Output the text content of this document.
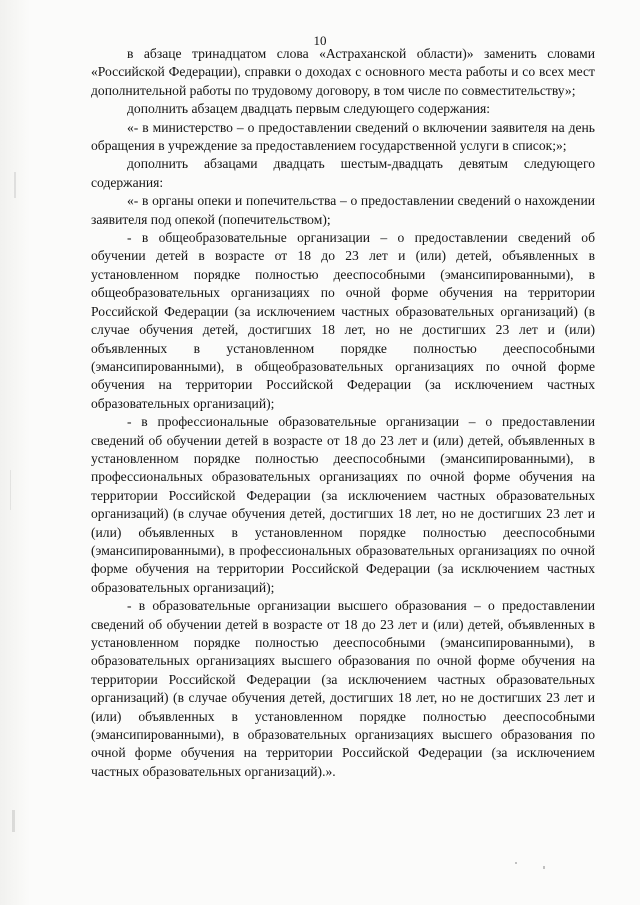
10

в абзаце тринадцатом слова «Астраханской области)» заменить словами «Российской Федерации), справки о доходах с основного места работы и со всех мест дополнительной работы по трудовому договору, в том числе по совместительству»;

дополнить абзацем двадцать первым следующего содержания:

«- в министерство – о предоставлении сведений о включении заявителя на день обращения в учреждение за предоставлением государственной услуги в список;»;

дополнить абзацами двадцать шестым-двадцать девятым следующего содержания:

«- в органы опеки и попечительства – о предоставлении сведений о нахождении заявителя под опекой (попечительством);

- в общеобразовательные организации – о предоставлении сведений об обучении детей в возрасте от 18 до 23 лет и (или) детей, объявленных в установленном порядке полностью дееспособными (эмансипированными), в общеобразовательных организациях по очной форме обучения на территории Российской Федерации (за исключением частных образовательных организаций) (в случае обучения детей, достигших 18 лет, но не достигших 23 лет и (или) объявленных в установленном порядке полностью дееспособными (эмансипированными), в общеобразовательных организациях по очной форме обучения на территории Российской Федерации (за исключением частных образовательных организаций);

- в профессиональные образовательные организации – о предоставлении сведений об обучении детей в возрасте от 18 до 23 лет и (или) детей, объявленных в установленном порядке полностью дееспособными (эмансипированными), в профессиональных образовательных организациях по очной форме обучения на территории Российской Федерации (за исключением частных образовательных организаций) (в случае обучения детей, достигших 18 лет, но не достигших 23 лет и (или) объявленных в установленном порядке полностью дееспособными (эмансипированными), в профессиональных образовательных организациях по очной форме обучения на территории Российской Федерации (за исключением частных образовательных организаций);

- в образовательные организации высшего образования – о предоставлении сведений об обучении детей в возрасте от 18 до 23 лет и (или) детей, объявленных в установленном порядке полностью дееспособными (эмансипированными), в образовательных организациях высшего образования по очной форме обучения на территории Российской Федерации (за исключением частных образовательных организаций) (в случае обучения детей, достигших 18 лет, но не достигших 23 лет и (или) объявленных в установленном порядке полностью дееспособными (эмансипированными), в образовательных организациях высшего образования по очной форме обучения на территории Российской Федерации (за исключением частных образовательных организаций).».
